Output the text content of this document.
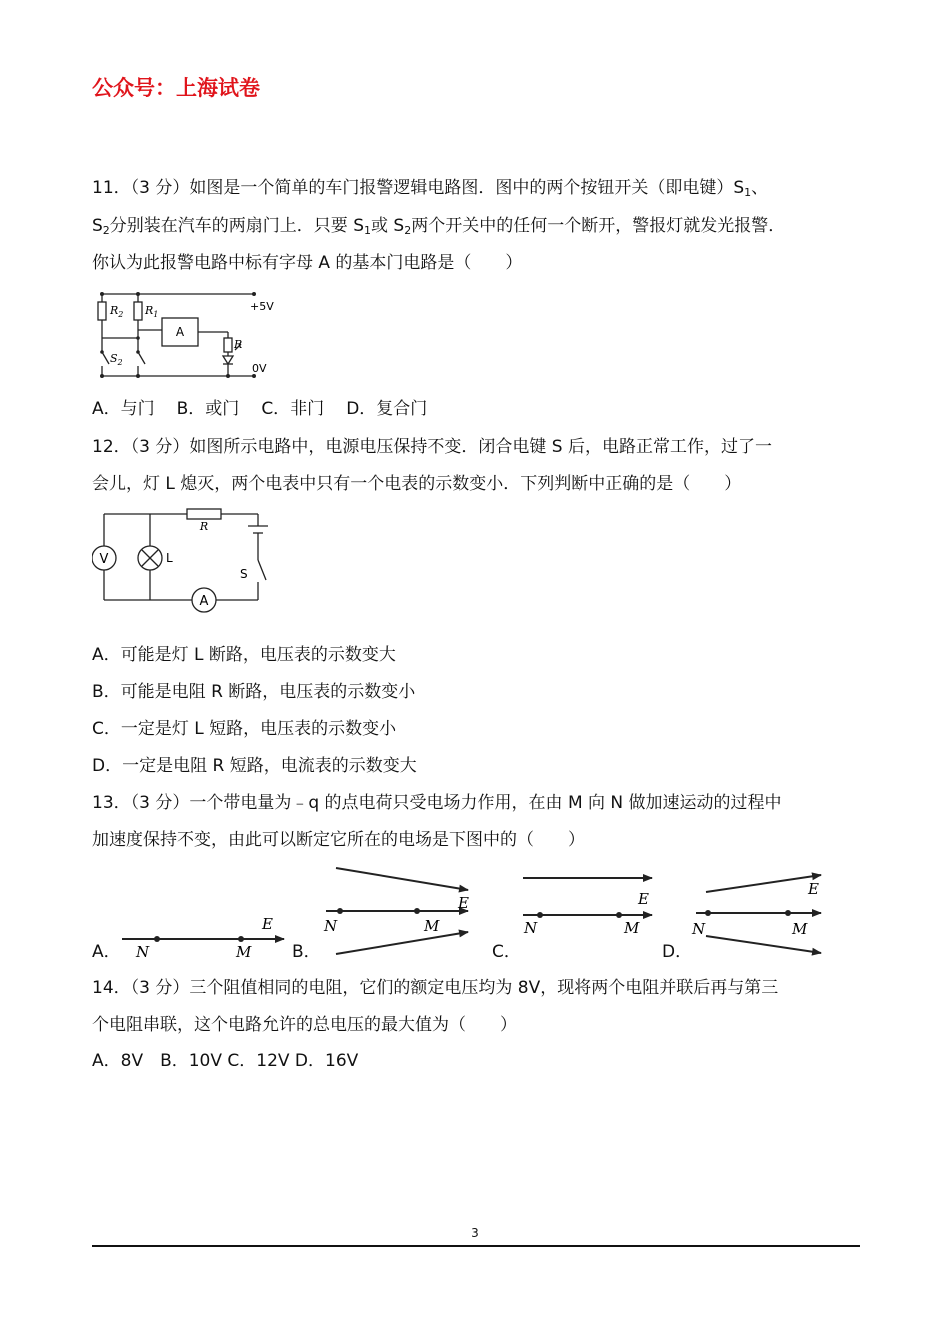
公众号：上海试卷
11．（3 分）如图是一个简单的车门报警逻辑电路图．图中的两个按钮开关（即电键）$S_1$、
$S_2$分别装在汽车的两扇门上．只要 $S_1$或 $S_2$两个开关中的任何一个断开，警报灯就发光报警．
你认为此报警电路中标有字母 A 的基本门电路是（　　）
$R_2$ $R_1$
A
+5V
$S_2$
R
0V
A．与门 B．或门 C．非门 D．复合门
12．（3 分）如图所示电路中，电源电压保持不变．闭合电键 S 后，电路正常工作，过了一
会儿，灯 L 熄灭，两个电表中只有一个电表的示数变小．下列判断中正确的是（　　）
V
R
L
S
A
A．可能是灯 L 断路，电压表的示数变大
B．可能是电阻 R 断路，电压表的示数变小
C．一定是灯 L 短路，电压表的示数变小
D．一定是电阻 R 短路，电流表的示数变大
13．（3 分）一个带电量为﹣q 的点电荷只受电场力作用，在由 M 向 N 做加速运动的过程中
加速度保持不变，由此可以断定它所在的电场是下图中的（　　）
E
N	M
E
N	M
E
N	M
E
N	M
A．	B．	C．	D．
14．（3 分）三个阻值相同的电阻，它们的额定电压均为 8V，现将两个电阻并联后再与第三
个电阻串联，这个电路允许的总电压的最大值为（　　）
A．8V　B．10V C．12V D．16V
3
